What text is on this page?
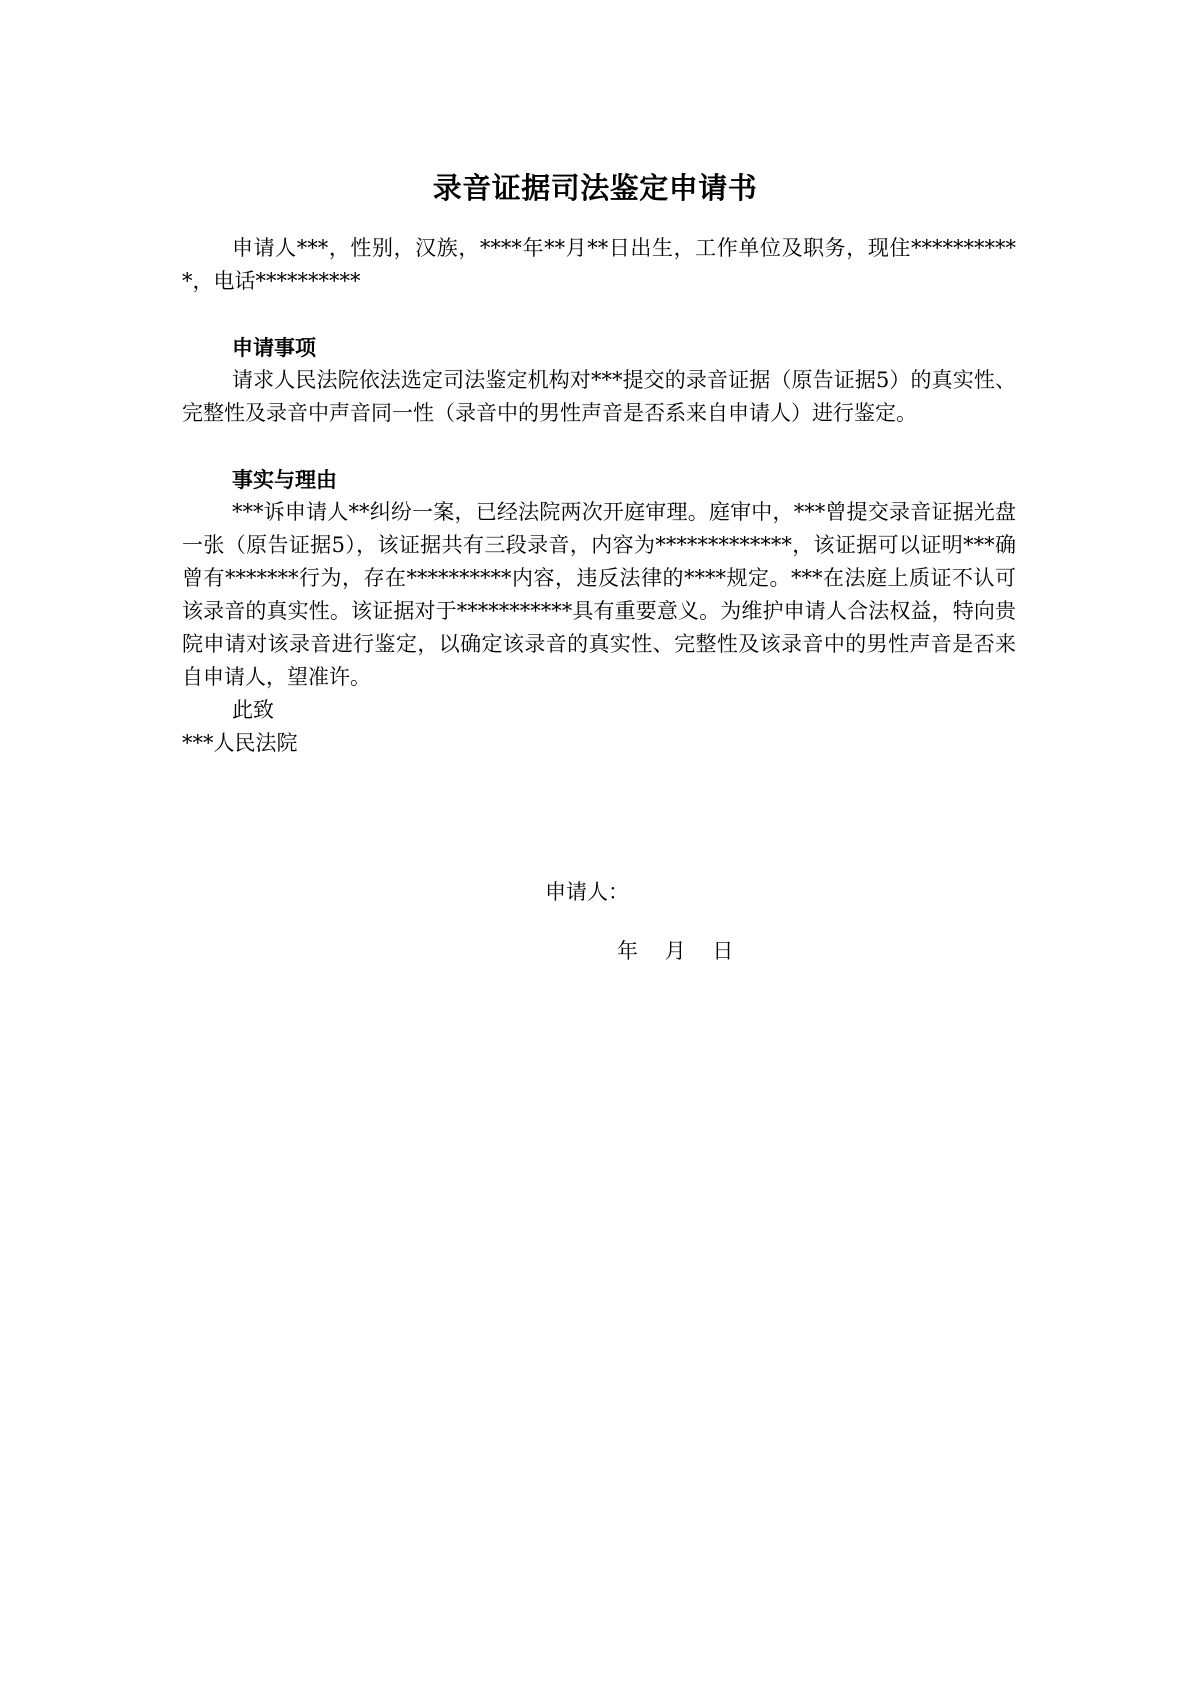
录音证据司法鉴定申请书

申请人***，性别，汉族，****年**月**日出生，工作单位及职务，现住***********，电话**********

申请事项

请求人民法院依法选定司法鉴定机构对***提交的录音证据（原告证据5）的真实性、完整性及录音中声音同一性（录音中的男性声音是否系来自申请人）进行鉴定。

事实与理由

***诉申请人**纠纷一案，已经法院两次开庭审理。庭审中，***曾提交录音证据光盘一张（原告证据5），该证据共有三段录音，内容为*************，该证据可以证明***确曾有*******行为，存在**********内容，违反法律的****规定。***在法庭上质证不认可该录音的真实性。该证据对于***********具有重要意义。为维护申请人合法权益，特向贵院申请对该录音进行鉴定，以确定该录音的真实性、完整性及该录音中的男性声音是否来自申请人，望准许。

此致

***人民法院

申请人：
年    月    日
